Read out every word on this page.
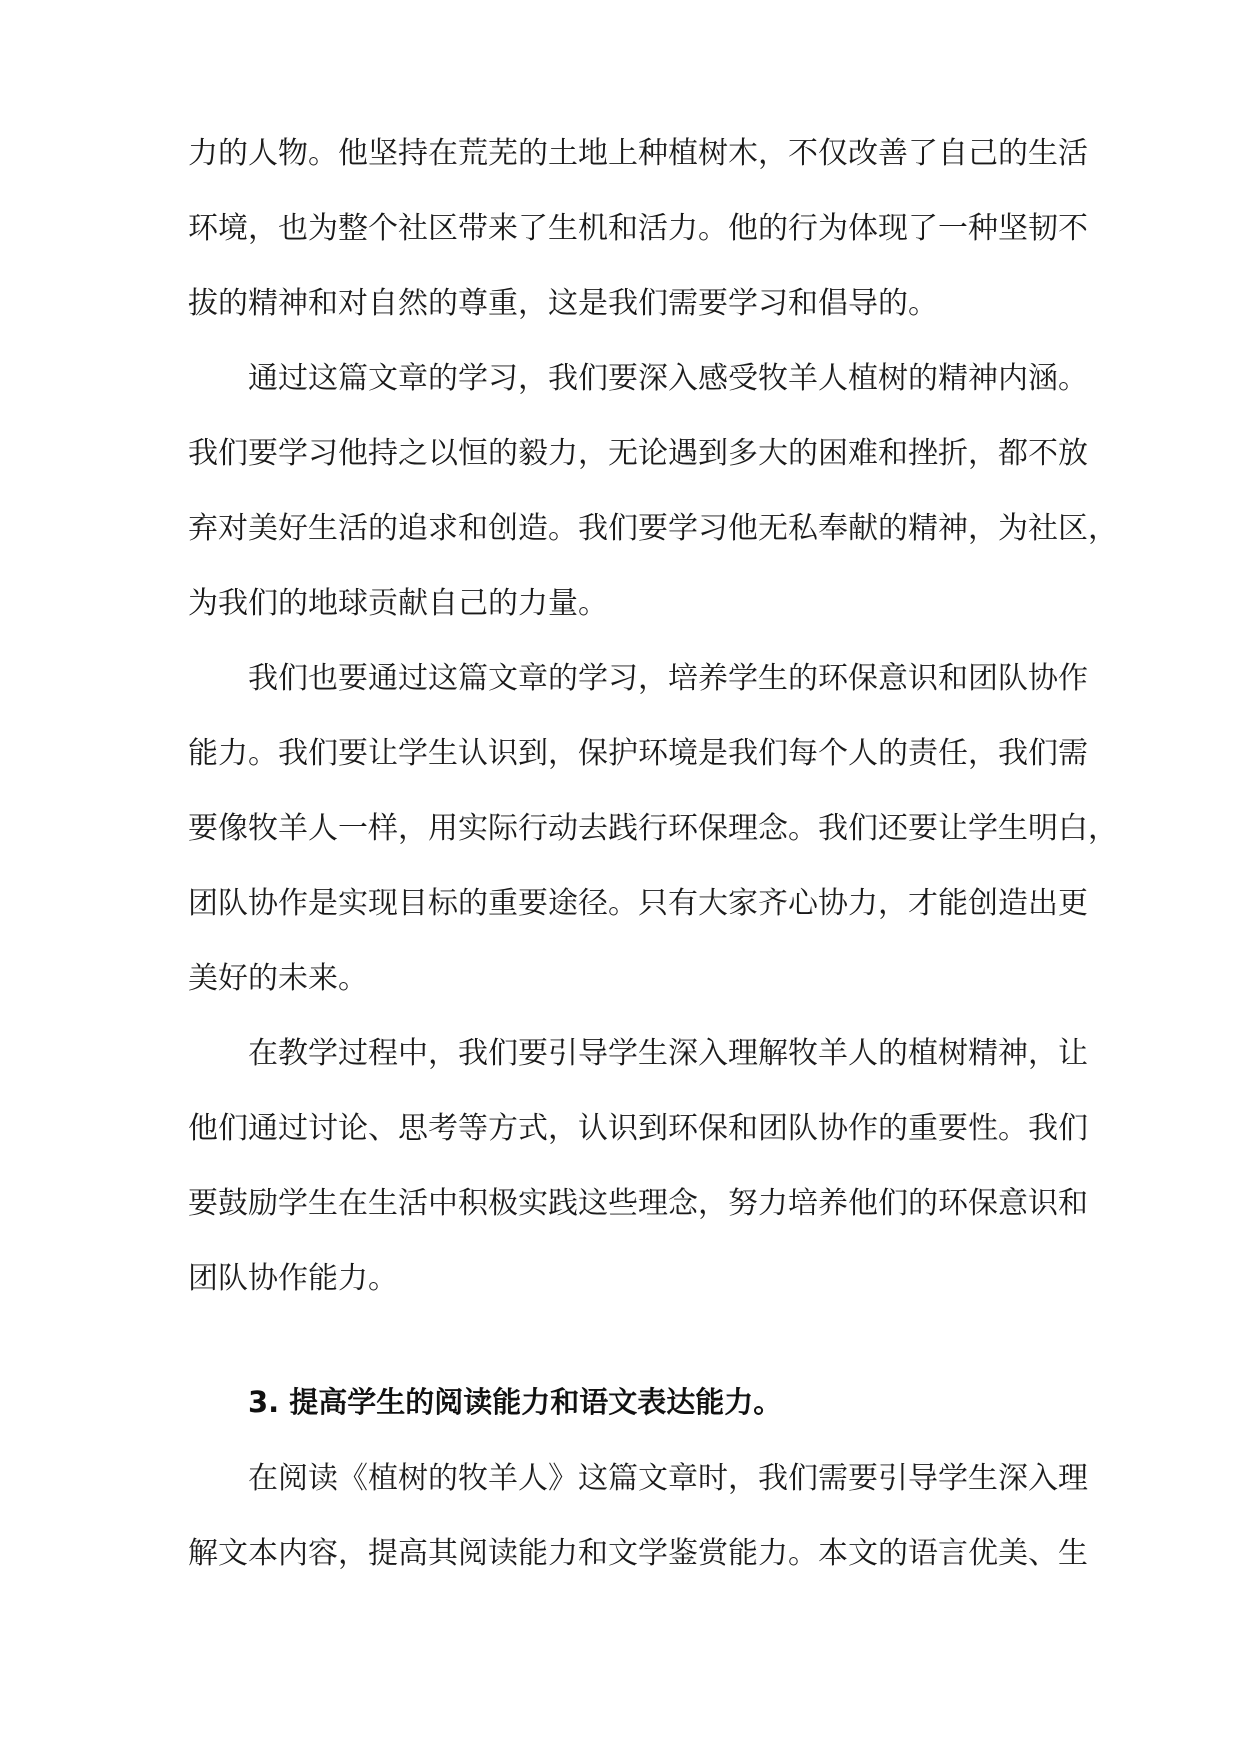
力的人物。他坚持在荒芜的土地上种植树木，不仅改善了自己的生活
环境，也为整个社区带来了生机和活力。他的行为体现了一种坚韧不
拔的精神和对自然的尊重，这是我们需要学习和倡导的。
通过这篇文章的学习，我们要深入感受牧羊人植树的精神内涵。
我们要学习他持之以恒的毅力，无论遇到多大的困难和挫折，都不放
弃对美好生活的追求和创造。我们要学习他无私奉献的精神，为社区，
为我们的地球贡献自己的力量。
我们也要通过这篇文章的学习，培养学生的环保意识和团队协作
能力。我们要让学生认识到，保护环境是我们每个人的责任，我们需
要像牧羊人一样，用实际行动去践行环保理念。我们还要让学生明白，
团队协作是实现目标的重要途径。只有大家齐心协力，才能创造出更
美好的未来。
在教学过程中，我们要引导学生深入理解牧羊人的植树精神，让
他们通过讨论、思考等方式，认识到环保和团队协作的重要性。我们
要鼓励学生在生活中积极实践这些理念，努力培养他们的环保意识和
团队协作能力。
3. 提高学生的阅读能力和语文表达能力。
在阅读《植树的牧羊人》这篇文章时，我们需要引导学生深入理
解文本内容，提高其阅读能力和文学鉴赏能力。本文的语言优美、生
